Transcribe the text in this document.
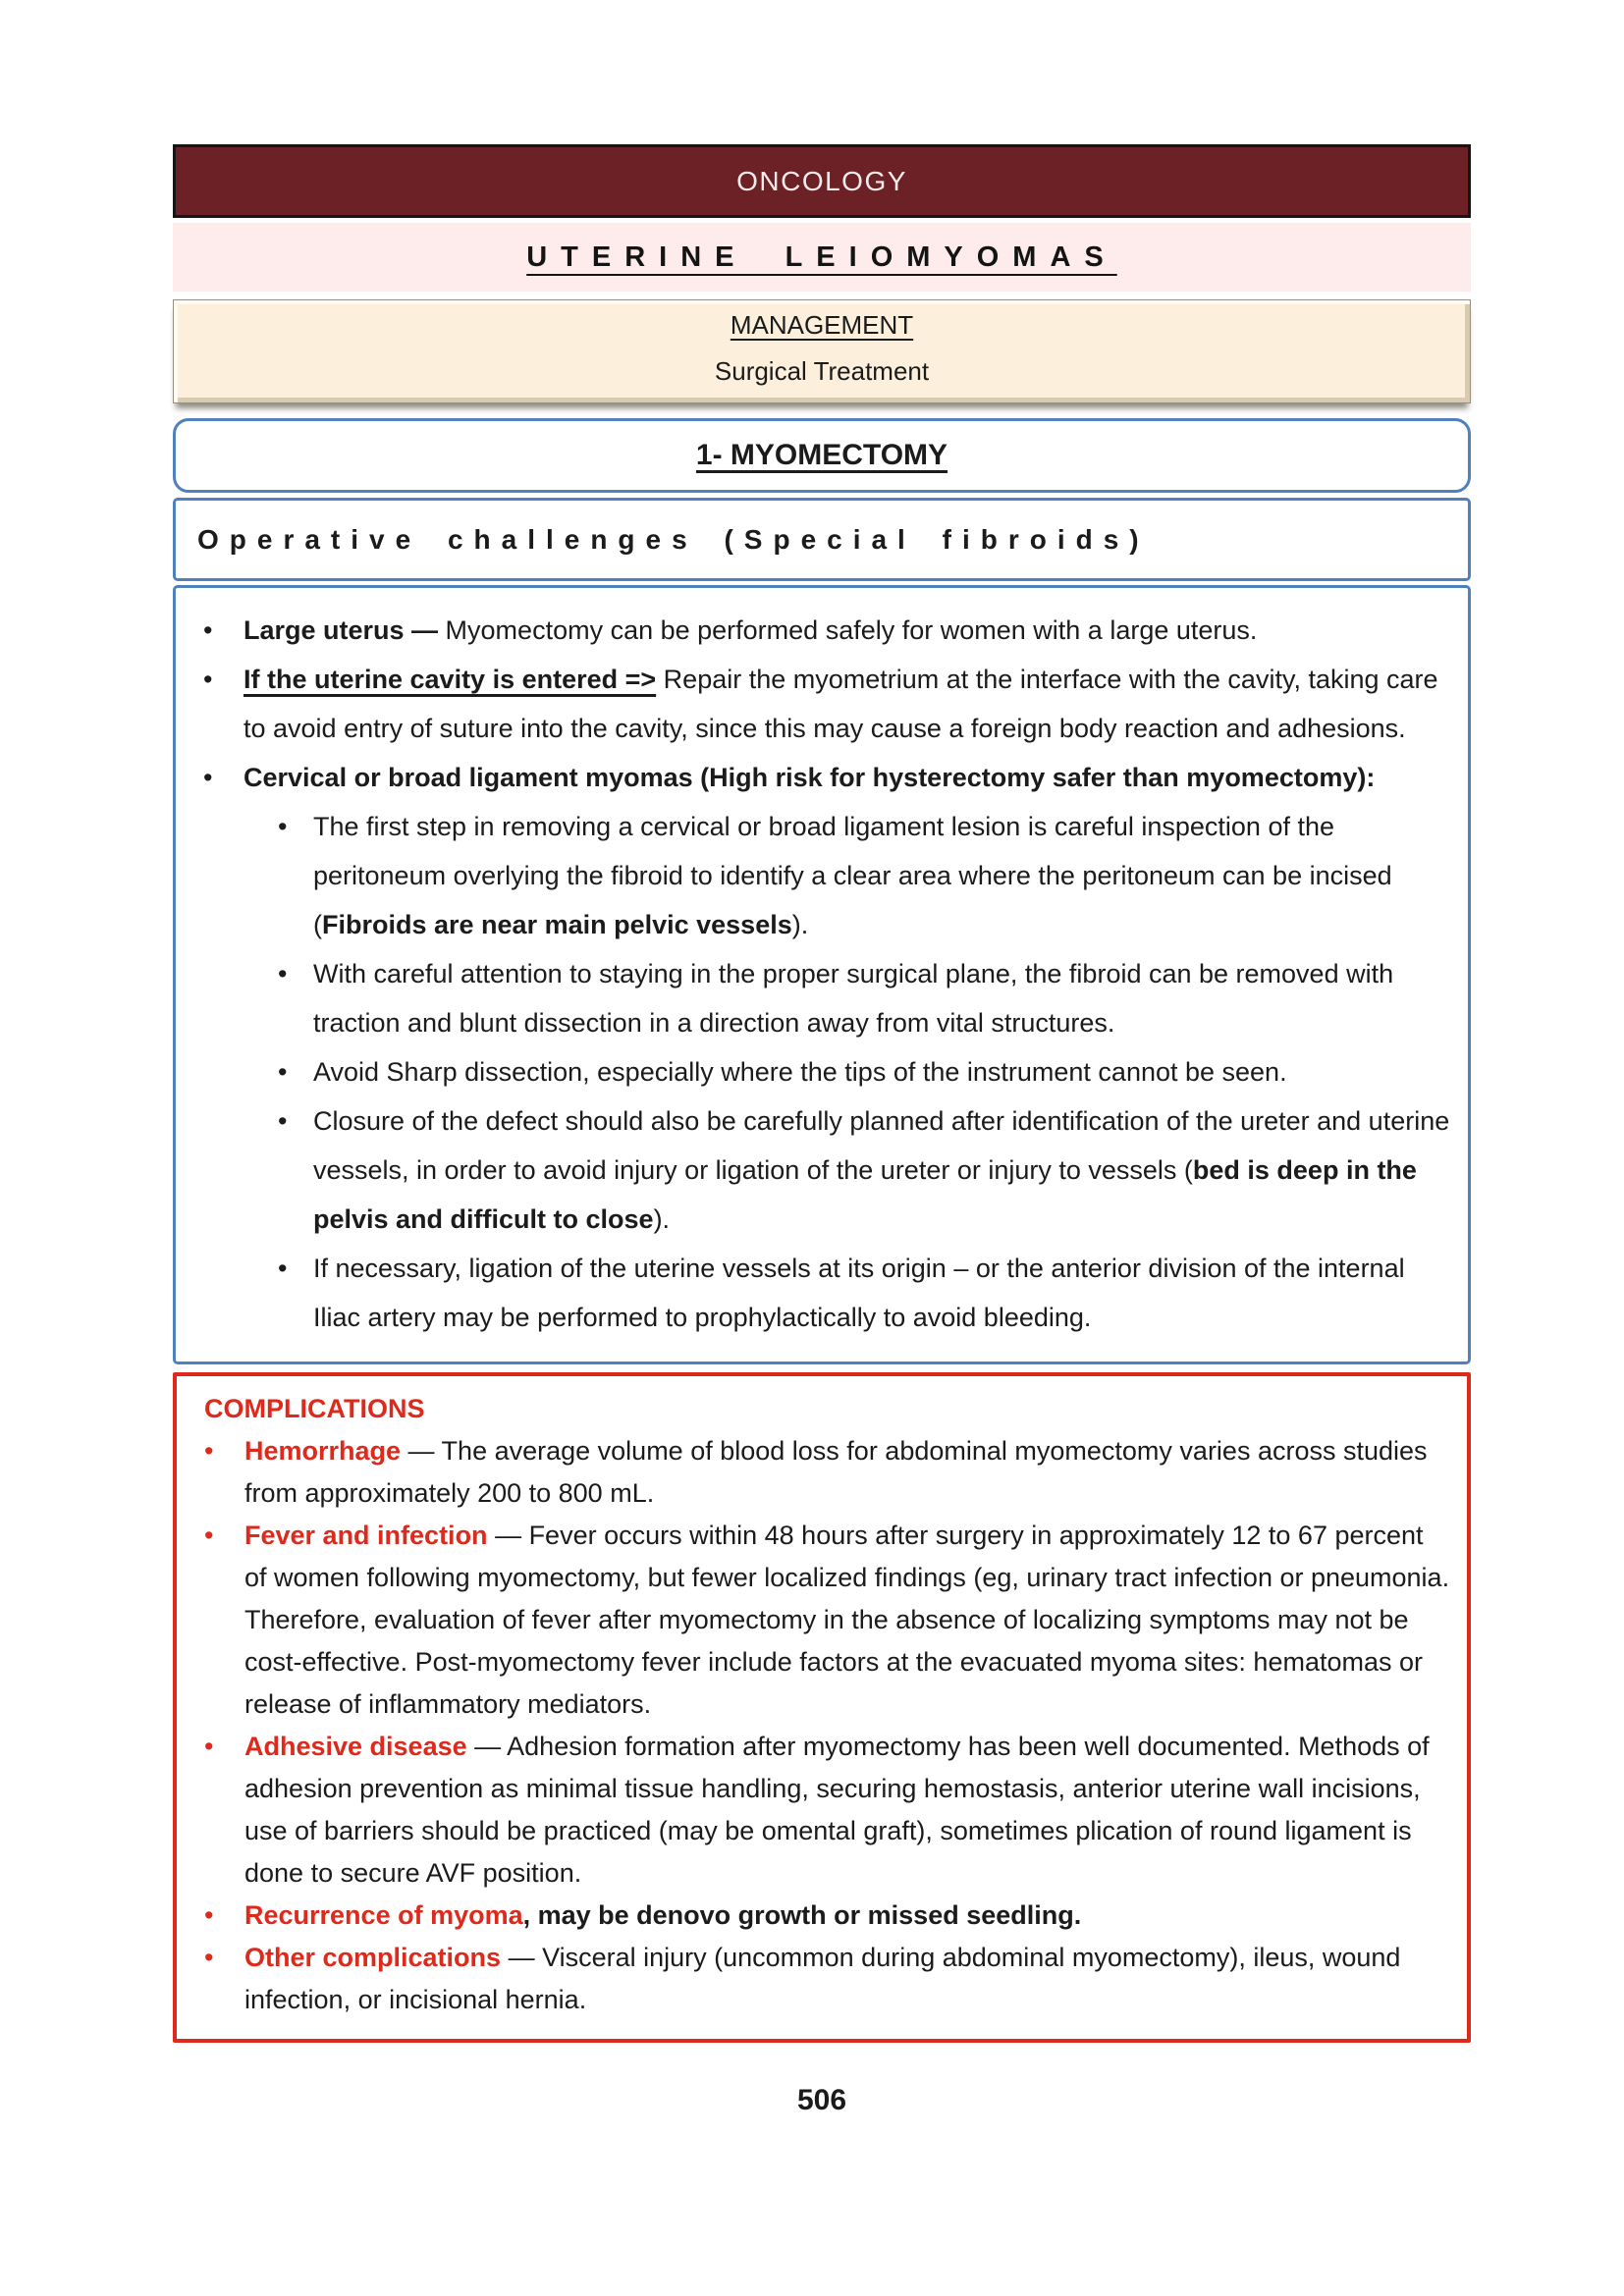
ONCOLOGY
UTERINE LEIOMYOMAS
MANAGEMENT
Surgical Treatment
1- MYOMECTOMY
Operative challenges (Special fibroids)
• Large uterus — Myomectomy can be performed safely for women with a large uterus.
• If the uterine cavity is entered => Repair the myometrium at the interface with the cavity, taking care to avoid entry of suture into the cavity, since this may cause a foreign body reaction and adhesions.
• Cervical or broad ligament myomas (High risk for hysterectomy safer than myomectomy):
• The first step in removing a cervical or broad ligament lesion is careful inspection of the peritoneum overlying the fibroid to identify a clear area where the peritoneum can be incised (Fibroids are near main pelvic vessels).
• With careful attention to staying in the proper surgical plane, the fibroid can be removed with traction and blunt dissection in a direction away from vital structures.
• Avoid Sharp dissection, especially where the tips of the instrument cannot be seen.
• Closure of the defect should also be carefully planned after identification of the ureter and uterine vessels, in order to avoid injury or ligation of the ureter or injury to vessels (bed is deep in the pelvis and difficult to close).
• If necessary, ligation of the uterine vessels at its origin – or the anterior division of the internal Iliac artery may be performed to prophylactically to avoid bleeding.
COMPLICATIONS
• Hemorrhage — The average volume of blood loss for abdominal myomectomy varies across studies from approximately 200 to 800 mL.
• Fever and infection — Fever occurs within 48 hours after surgery in approximately 12 to 67 percent of women following myomectomy, but fewer localized findings (eg, urinary tract infection or pneumonia. Therefore, evaluation of fever after myomectomy in the absence of localizing symptoms may not be cost-effective. Post-myomectomy fever include factors at the evacuated myoma sites: hematomas or release of inflammatory mediators.
• Adhesive disease — Adhesion formation after myomectomy has been well documented. Methods of adhesion prevention as minimal tissue handling, securing hemostasis, anterior uterine wall incisions, use of barriers should be practiced (may be omental graft), sometimes plication of round ligament is done to secure AVF position.
• Recurrence of myoma, may be denovo growth or missed seedling.
• Other complications — Visceral injury (uncommon during abdominal myomectomy), ileus, wound infection, or incisional hernia.
506
